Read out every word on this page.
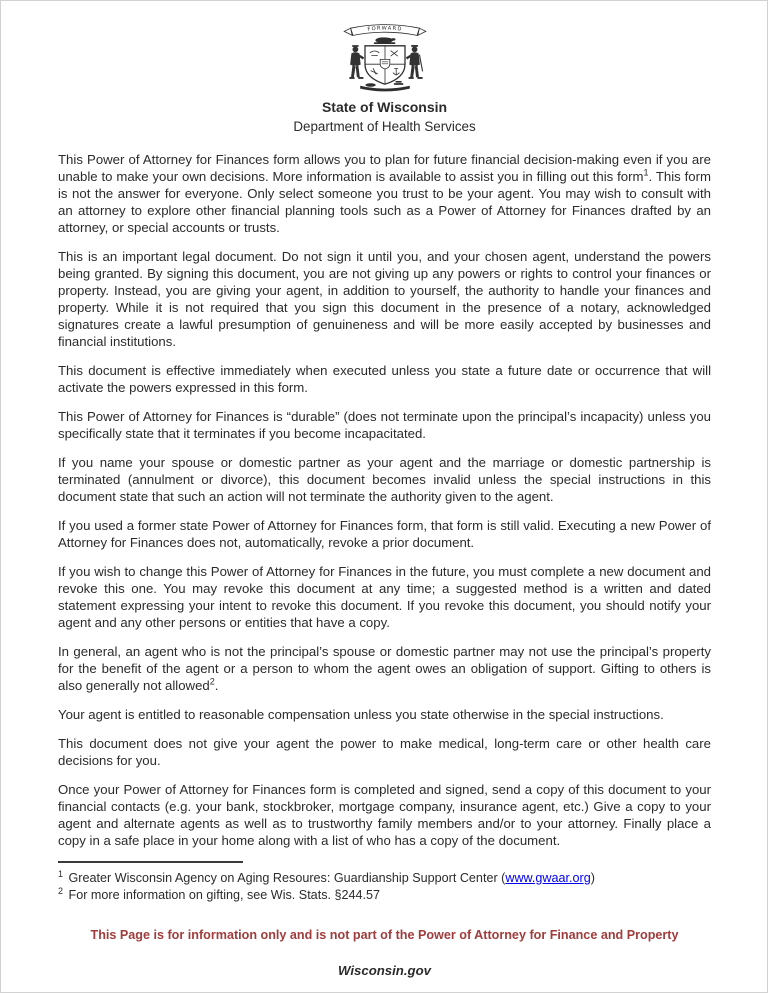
FORWARD
State of Wisconsin
Department of Health Services

This Power of Attorney for Finances form allows you to plan for future financial decision-making even if you are unable to make your own decisions. More information is available to assist you in filling out this form$^1$. This form is not the answer for everyone. Only select someone you trust to be your agent. You may wish to consult with an attorney to explore other financial planning tools such as a Power of Attorney for Finances drafted by an attorney, or special accounts or trusts.

This is an important legal document. Do not sign it until you, and your chosen agent, understand the powers being granted. By signing this document, you are not giving up any powers or rights to control your finances or property. Instead, you are giving your agent, in addition to yourself, the authority to handle your finances and property. While it is not required that you sign this document in the presence of a notary, acknowledged signatures create a lawful presumption of genuineness and will be more easily accepted by businesses and financial institutions.

This document is effective immediately when executed unless you state a future date or occurrence that will activate the powers expressed in this form.

This Power of Attorney for Finances is “durable” (does not terminate upon the principal’s incapacity) unless you specifically state that it terminates if you become incapacitated.

If you name your spouse or domestic partner as your agent and the marriage or domestic partnership is terminated (annulment or divorce), this document becomes invalid unless the special instructions in this document state that such an action will not terminate the authority given to the agent.

If you used a former state Power of Attorney for Finances form, that form is still valid. Executing a new Power of Attorney for Finances does not, automatically, revoke a prior document.

If you wish to change this Power of Attorney for Finances in the future, you must complete a new document and revoke this one. You may revoke this document at any time; a suggested method is a written and dated statement expressing your intent to revoke this document. If you revoke this document, you should notify your agent and any other persons or entities that have a copy.

In general, an agent who is not the principal’s spouse or domestic partner may not use the principal’s property for the benefit of the agent or a person to whom the agent owes an obligation of support. Gifting to others is also generally not allowed$^2$.

Your agent is entitled to reasonable compensation unless you state otherwise in the special instructions.

This document does not give your agent the power to make medical, long-term care or other health care decisions for you.

Once your Power of Attorney for Finances form is completed and signed, send a copy of this document to your financial contacts (e.g. your bank, stockbroker, mortgage company, insurance agent, etc.) Give a copy to your agent and alternate agents as well as to trustworthy family members and/or to your attorney. Finally place a copy in a safe place in your home along with a list of who has a copy of the document.

$^1$ Greater Wisconsin Agency on Aging Resoures: Guardianship Support Center (www.gwaar.org)

$^2$ For more information on gifting, see Wis. Stats. §244.57

This Page is for information only and is not part of the Power of Attorney for Finance and Property
Wisconsin.gov
